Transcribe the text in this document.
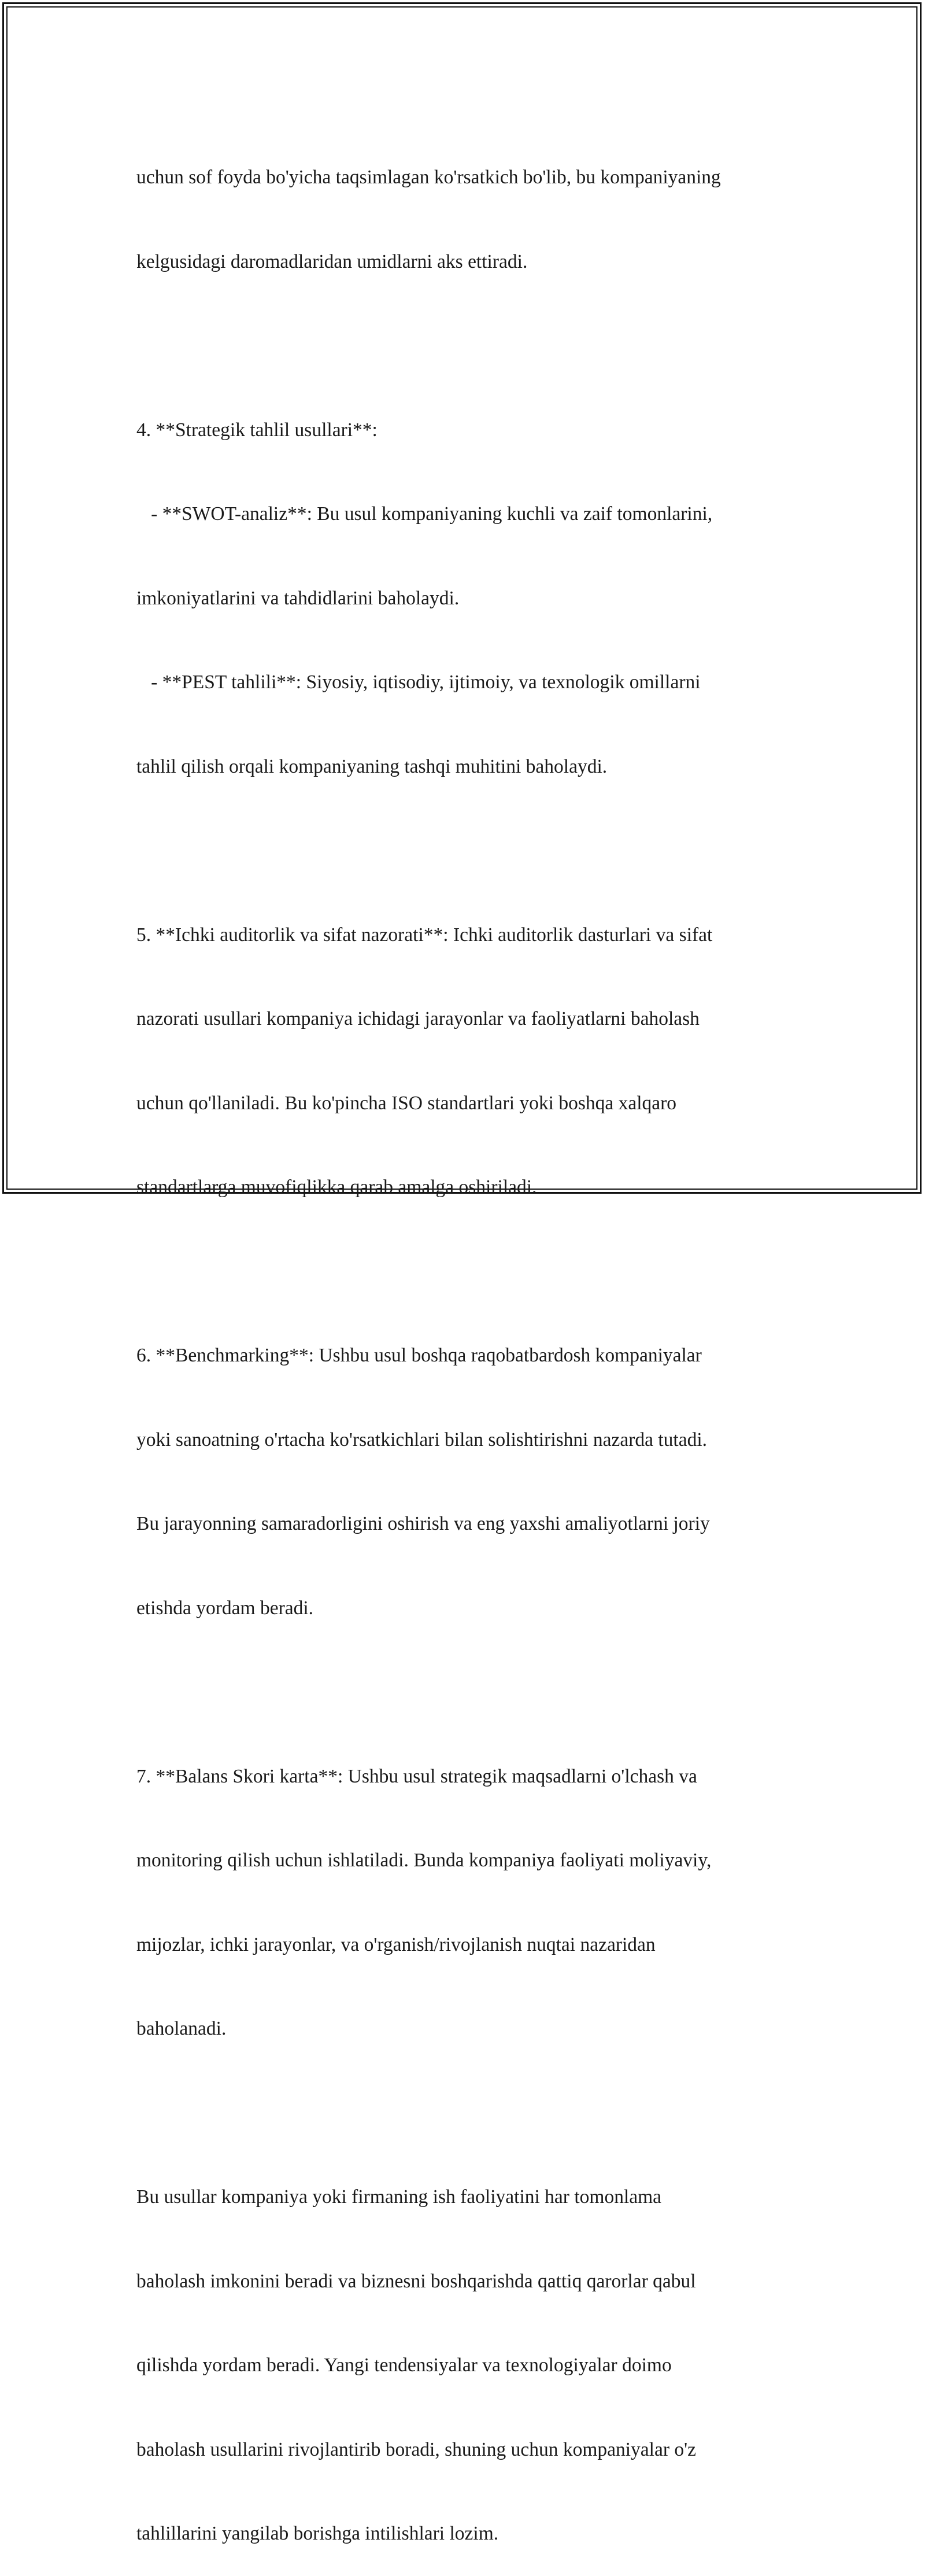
uchun sof foyda bo'yicha taqsimlagan ko'rsatkich bo'lib, bu kompaniyaning

kelgusidagi daromadlaridan umidlarni aks ettiradi.

4. **Strategik tahlil usullari**:

- **SWOT-analiz**: Bu usul kompaniyaning kuchli va zaif tomonlarini,

imkoniyatlarini va tahdidlarini baholaydi.

- **PEST tahlili**: Siyosiy, iqtisodiy, ijtimoiy, va texnologik omillarni

tahlil qilish orqali kompaniyaning tashqi muhitini baholaydi.

5. **Ichki auditorlik va sifat nazorati**: Ichki auditorlik dasturlari va sifat

nazorati usullari kompaniya ichidagi jarayonlar va faoliyatlarni baholash

uchun qo'llaniladi. Bu ko'pincha ISO standartlari yoki boshqa xalqaro

standartlarga muvofiqlikka qarab amalga oshiriladi.

6. **Benchmarking**: Ushbu usul boshqa raqobatbardosh kompaniyalar

yoki sanoatning o'rtacha ko'rsatkichlari bilan solishtirishni nazarda tutadi.

Bu jarayonning samaradorligini oshirish va eng yaxshi amaliyotlarni joriy

etishda yordam beradi.

7. **Balans Skori karta**: Ushbu usul strategik maqsadlarni o'lchash va

monitoring qilish uchun ishlatiladi. Bunda kompaniya faoliyati moliyaviy,

mijozlar, ichki jarayonlar, va o'rganish/rivojlanish nuqtai nazaridan

baholanadi.

Bu usullar kompaniya yoki firmaning ish faoliyatini har tomonlama

baholash imkonini beradi va biznesni boshqarishda qattiq qarorlar qabul

qilishda yordam beradi. Yangi tendensiyalar va texnologiyalar doimo

baholash usullarini rivojlantirib boradi, shuning uchun kompaniyalar o'z

tahlillarini yangilab borishga intilishlari lozim.
